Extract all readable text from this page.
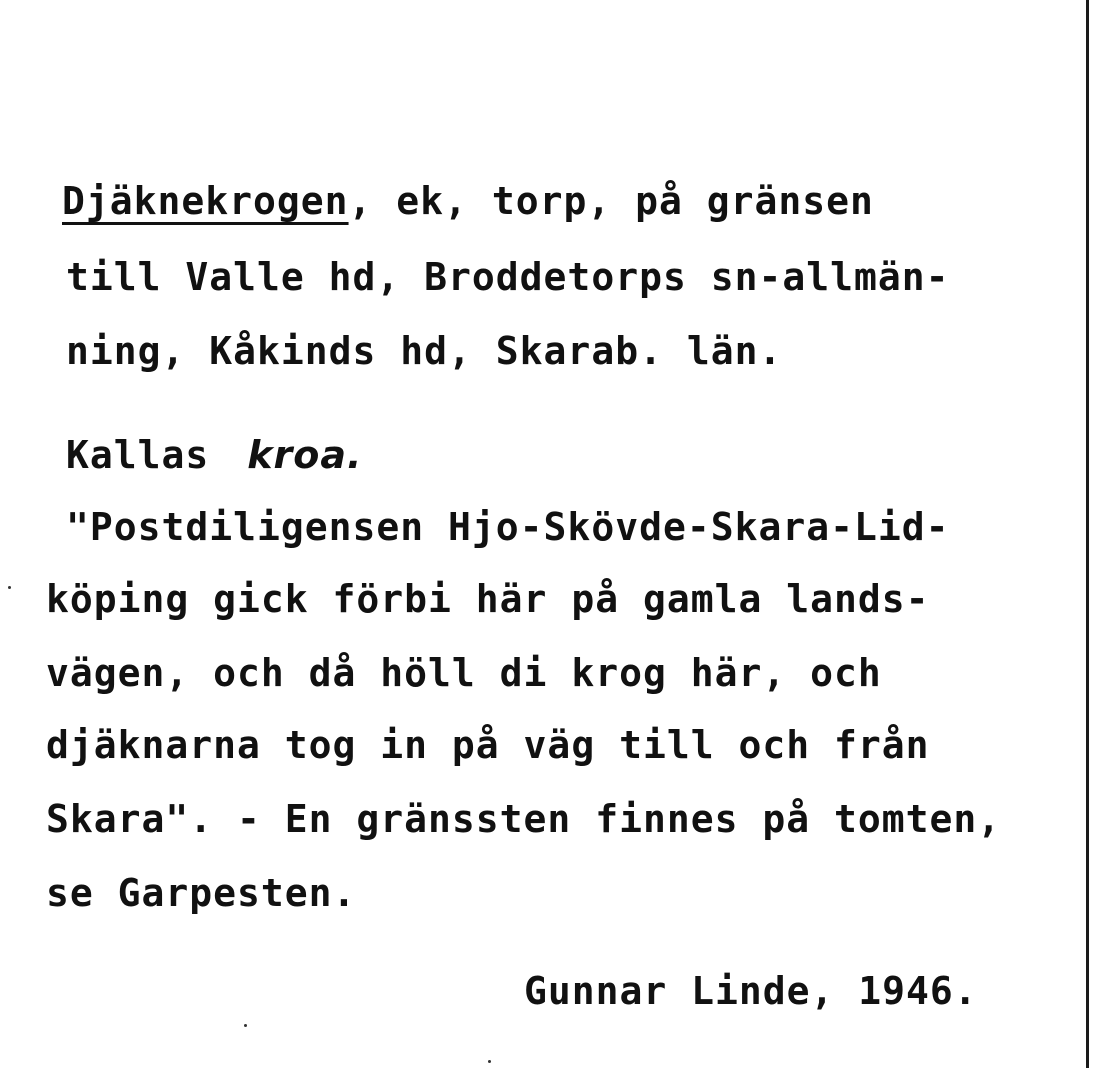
Djäknekrogen, ek, torp, på gränsen
till Valle hd, Broddetorps sn-allmän-
ning, Kåkinds hd, Skarab. län.
Kallas kroa.
"Postdiligensen Hjo-Skövde-Skara-Lid-
köping gick förbi här på gamla lands-
vägen, och då höll di krog här, och
djäknarna tog in på väg till och från
Skara". - En gränssten finnes på tomten,
se Garpesten.
Gunnar Linde, 1946.
